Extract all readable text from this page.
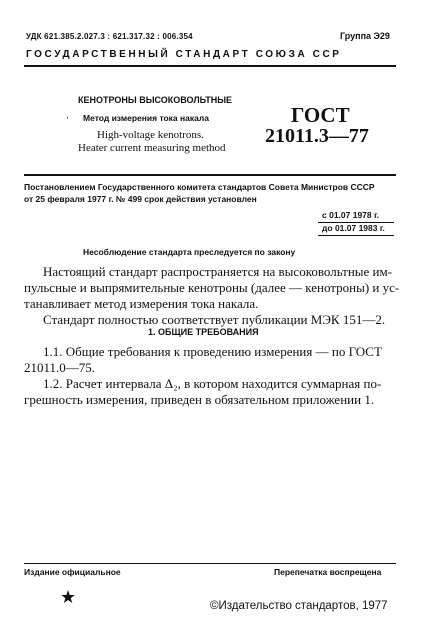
УДК 621.385.2.027.3 : 621.317.32 : 006.354	Группа Э29
ГОСУДАРСТВЕННЫЙ СТАНДАРТ СОЮЗА ССР
КЕНОТРОНЫ ВЫСОКОВОЛЬТНЫЕ
‚ Метод измерения тока накала
High-voltage kenotrons.
Heater current measuring method
ГОСТ
21011.3—77
Постановлением Государственного комитета стандартов Совета Министров СССР
от 25 февраля 1977 г. № 499 срок действия установлен
с 01.07 1978 г.
до 01.07 1983 г.
Несоблюдение стандарта преследуется по закону
Настоящий стандарт распространяется на высоковольтные им-
пульсные и выпрямительные кенотроны (далее — кенотроны) и ус-
танавливает метод измерения тока накала.
Стандарт полностью соответствует публикации МЭК 151—2.
1. ОБЩИЕ ТРЕБОВАНИЯ
1.1. Общие требования к проведению измерения — по ГОСТ
21011.0—75.
1.2. Расчет интервала Δ₂, в котором находится суммарная по-
грешность измерения, приведен в обязательном приложении 1.
Издание официальное	Перепечатка воспрещена
★	©Издательство стандартов, 1977
